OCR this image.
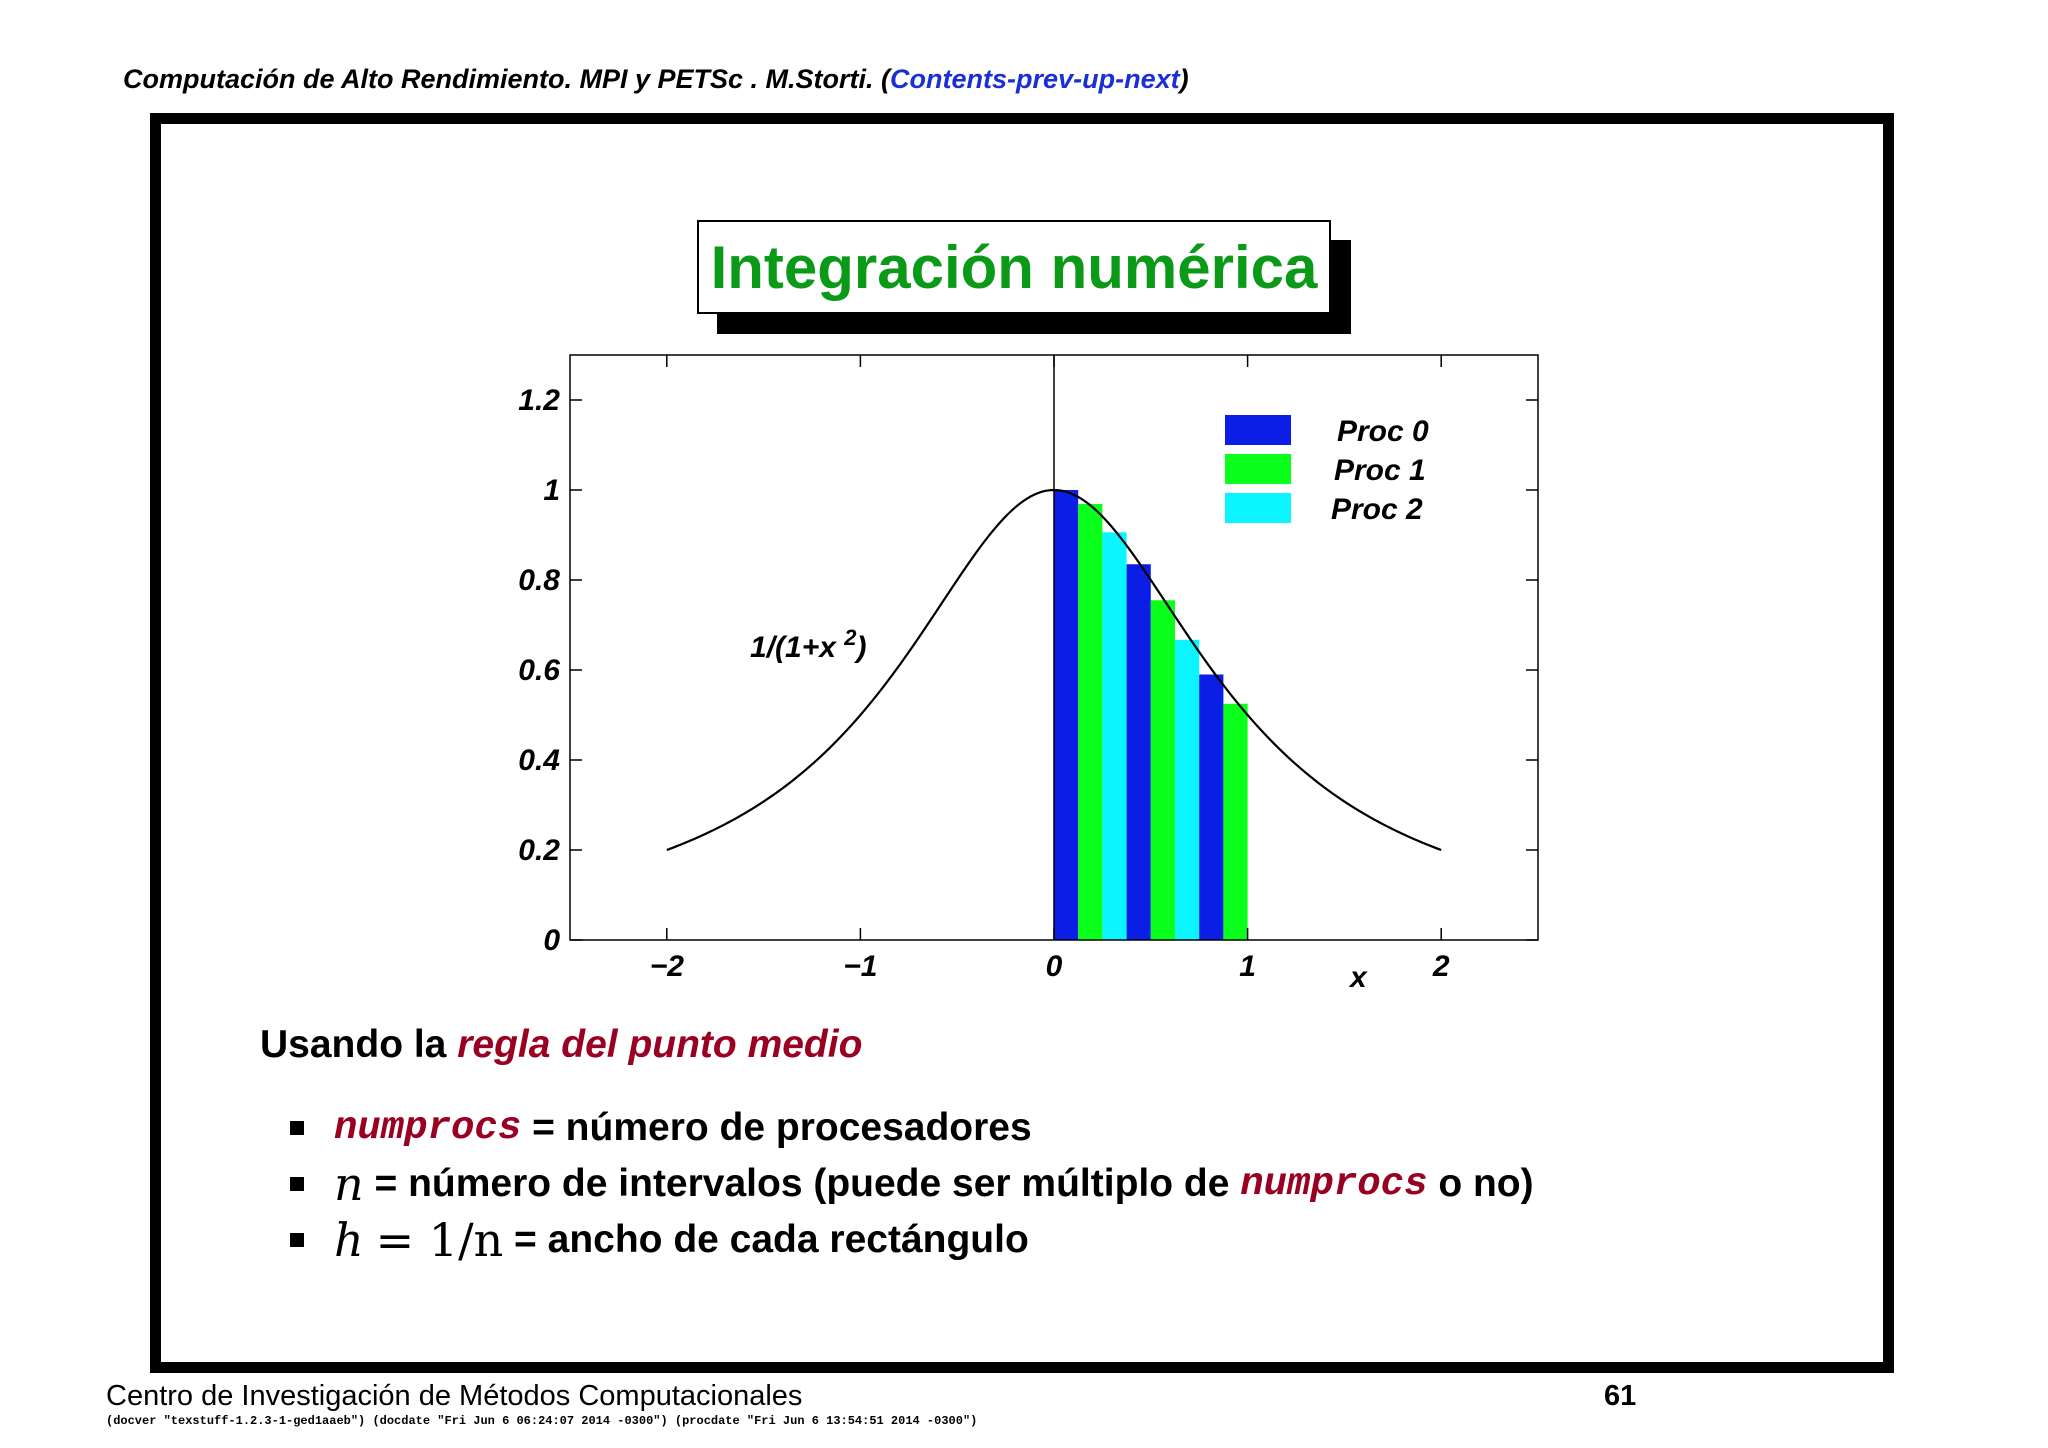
Computación de Alto Rendimiento. MPI y PETSc . M.Storti. (Contents-prev-up-next)
Integración numérica
−2	−1	0	1	2
0
0.2
0.4
0.6
0.8
1
1.2
Proc 0
Proc 1
Proc 2
1/(1+x $^2$)
x
Usando la regla del punto medio
numprocs = número de procesadores
n = número de intervalos (puede ser múltiplo de numprocs o no)
h = 1/n = ancho de cada rectángulo
Centro de Investigación de Métodos Computacionales	61
(docver "texstuff-1.2.3-1-ged1aaeb") (docdate "Fri Jun 6 06:24:07 2014 -0300") (procdate "Fri Jun 6 13:54:51 2014 -0300")
